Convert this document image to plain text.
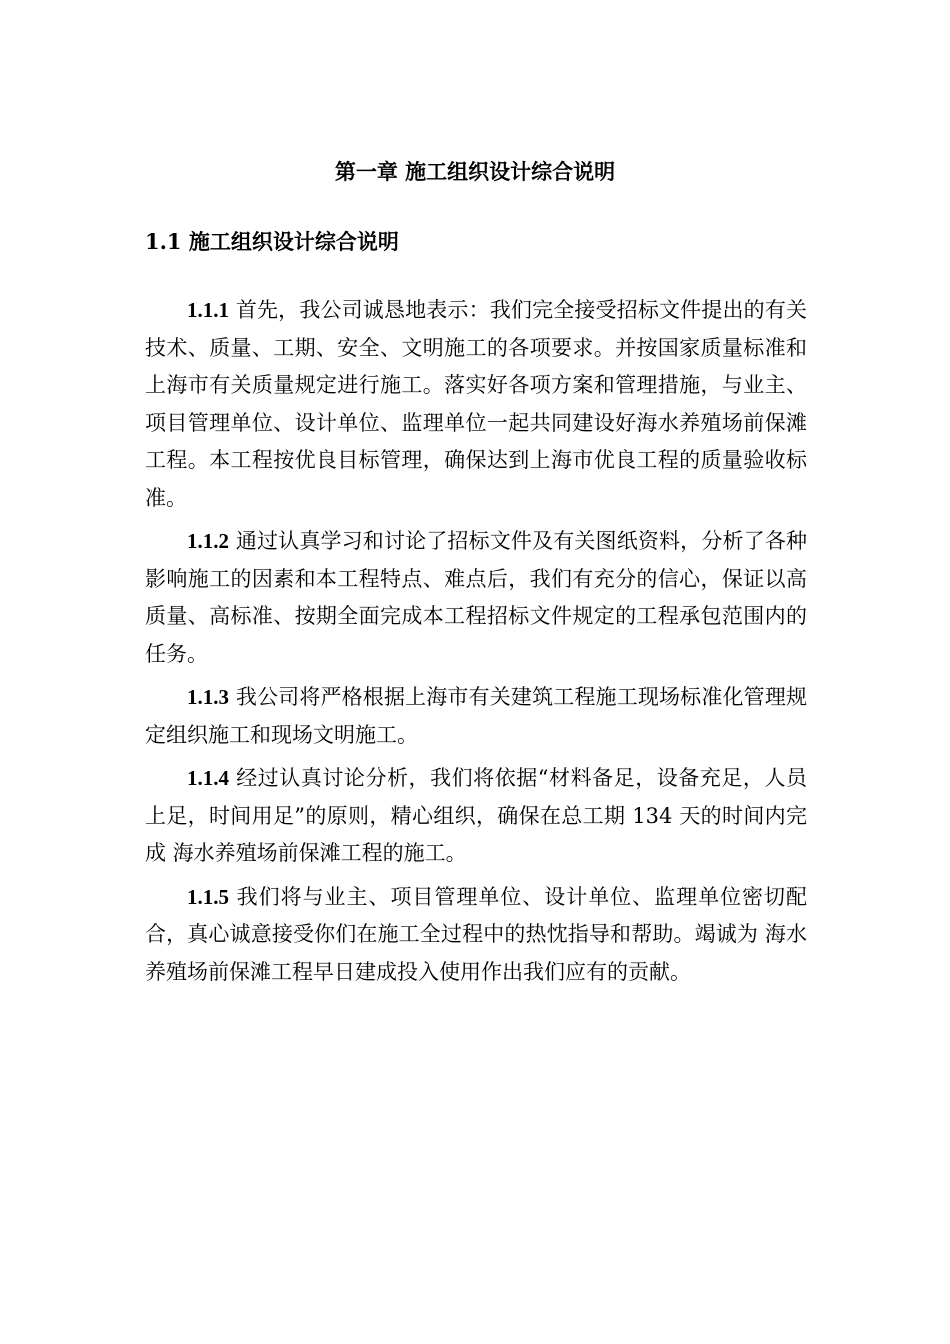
第一章 施工组织设计综合说明
1.1 施工组织设计综合说明

1.1.1 首先，我公司诚恳地表示：我们完全接受招标文件提出的有关技术、质量、工期、安全、文明施工的各项要求。并按国家质量标准和上海市有关质量规定进行施工。落实好各项方案和管理措施，与业主、项目管理单位、设计单位、监理单位一起共同建设好海水养殖场前保滩工程。本工程按优良目标管理，确保达到上海市优良工程的质量验收标准。

1.1.2 通过认真学习和讨论了招标文件及有关图纸资料，分析了各种影响施工的因素和本工程特点、难点后，我们有充分的信心，保证以高质量、高标准、按期全面完成本工程招标文件规定的工程承包范围内的任务。

1.1.3 我公司将严格根据上海市有关建筑工程施工现场标准化管理规定组织施工和现场文明施工。

1.1.4 经过认真讨论分析，我们将依据“材料备足，设备充足，人员上足，时间用足”的原则，精心组织，确保在总工期 134 天的时间内完成 海水养殖场前保滩工程的施工。

1.1.5 我们将与业主、项目管理单位、设计单位、监理单位密切配合，真心诚意接受你们在施工全过程中的热忱指导和帮助。竭诚为 海水养殖场前保滩工程早日建成投入使用作出我们应有的贡献。
